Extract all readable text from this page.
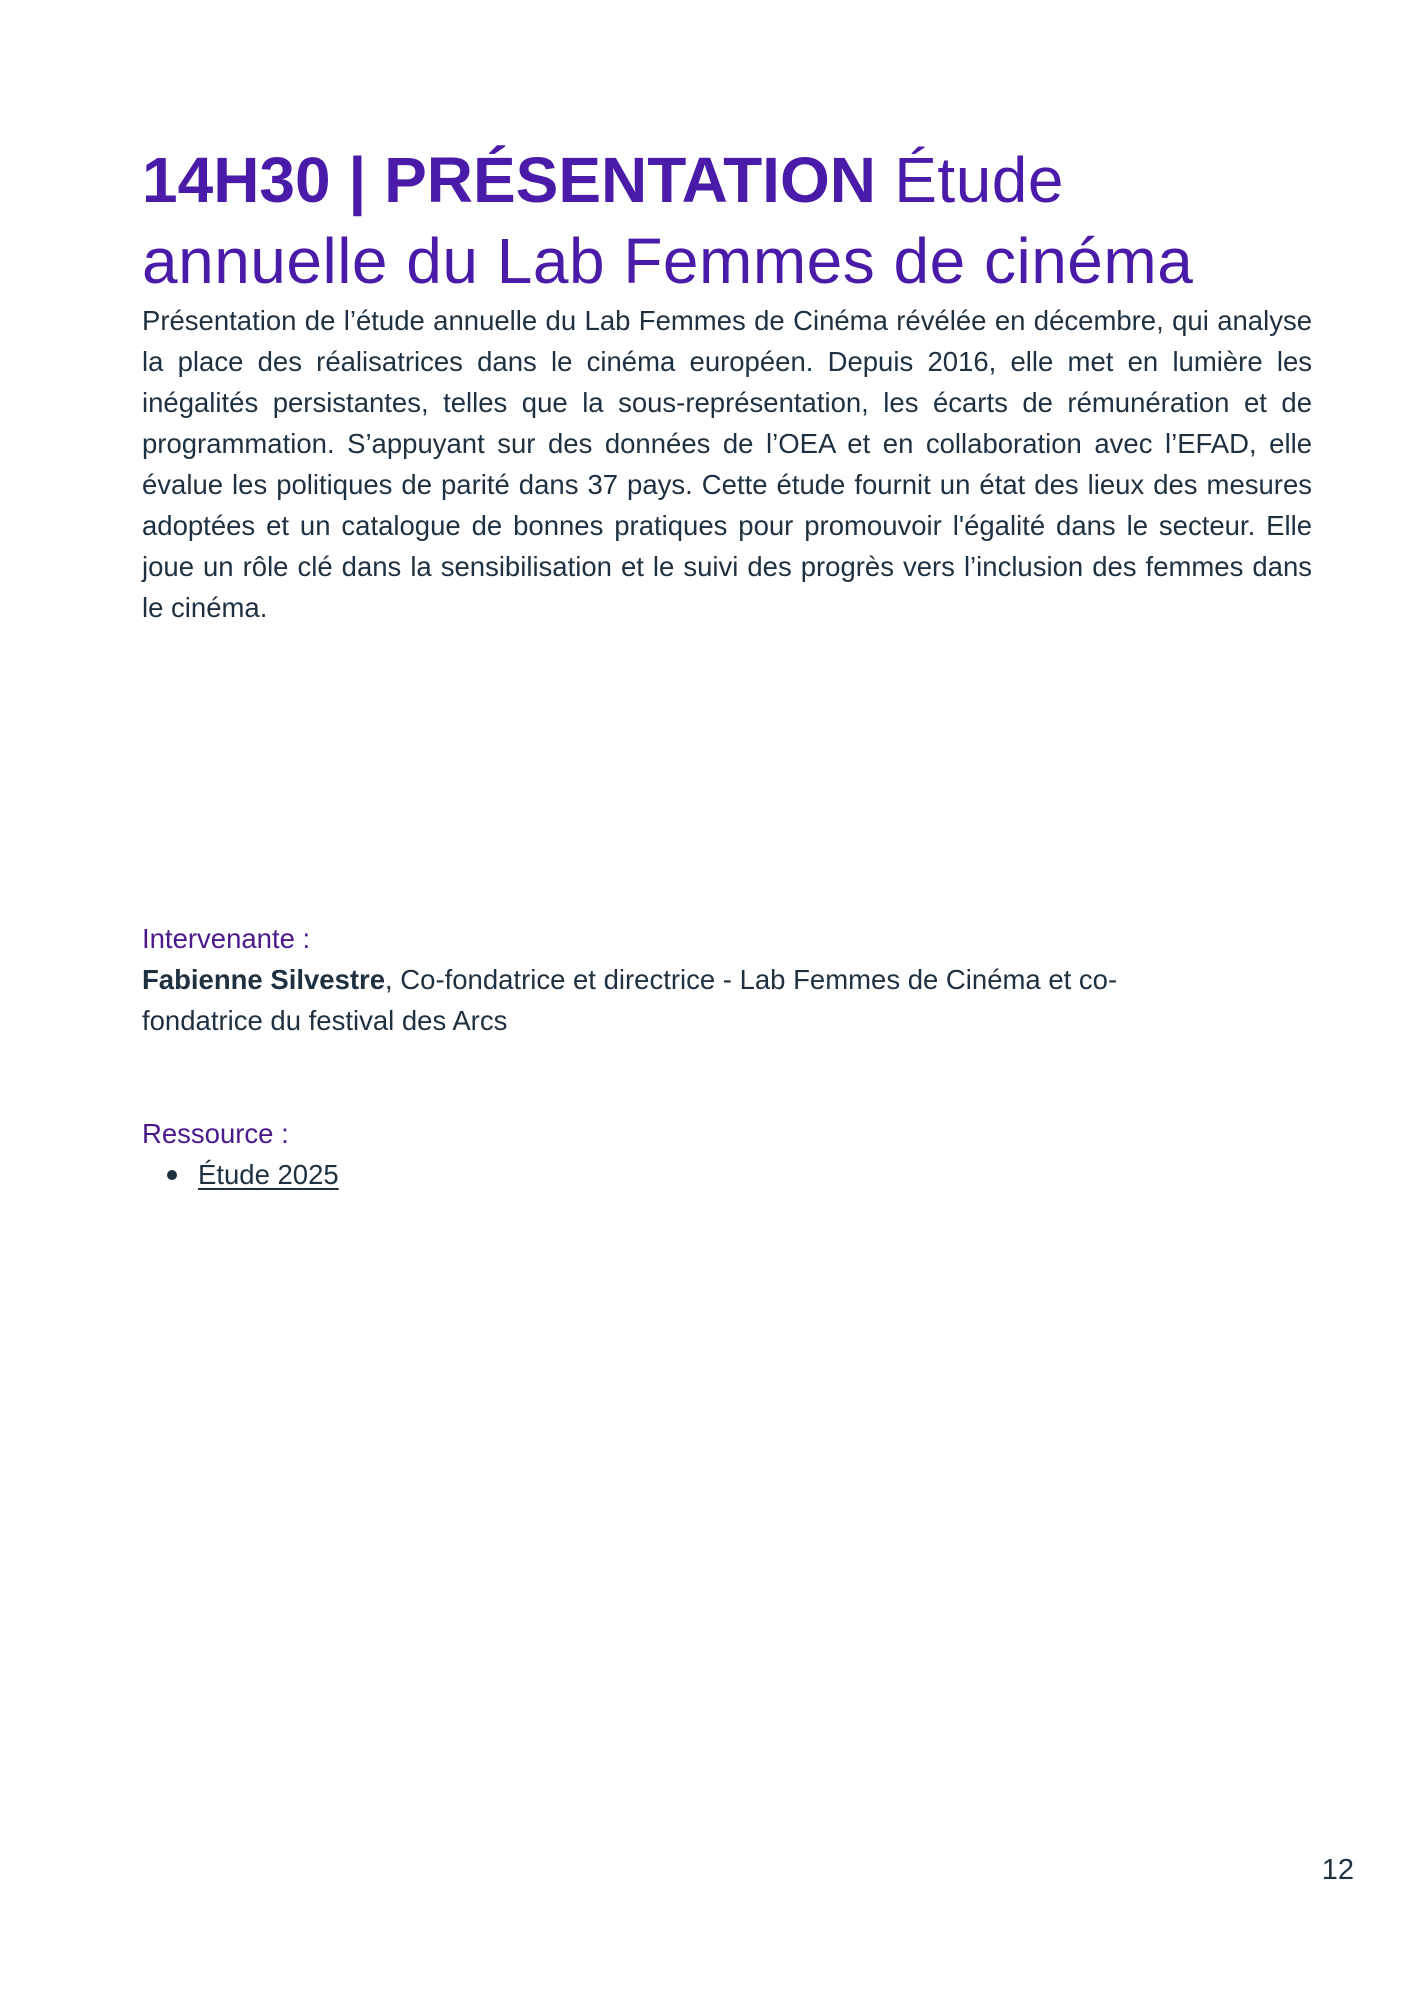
14H30 | PRÉSENTATION Étude annuelle du Lab Femmes de cinéma

Présentation de l’étude annuelle du Lab Femmes de Cinéma révélée en décembre, qui analyse la place des réalisatrices dans le cinéma européen. Depuis 2016, elle met en lumière les inégalités persistantes, telles que la sous-représentation, les écarts de rémunération et de programmation. S’appuyant sur des données de l’OEA et en collaboration avec l’EFAD, elle évalue les politiques de parité dans 37 pays. Cette étude fournit un état des lieux des mesures adoptées et un catalogue de bonnes pratiques pour promouvoir l'égalité dans le secteur. Elle joue un rôle clé dans la sensibilisation et le suivi des progrès vers l’inclusion des femmes dans le cinéma.

Intervenante :

Fabienne Silvestre, Co-fondatrice et directrice - Lab Femmes de Cinéma et co-fondatrice du festival des Arcs

Ressource :

Étude 2025

12
